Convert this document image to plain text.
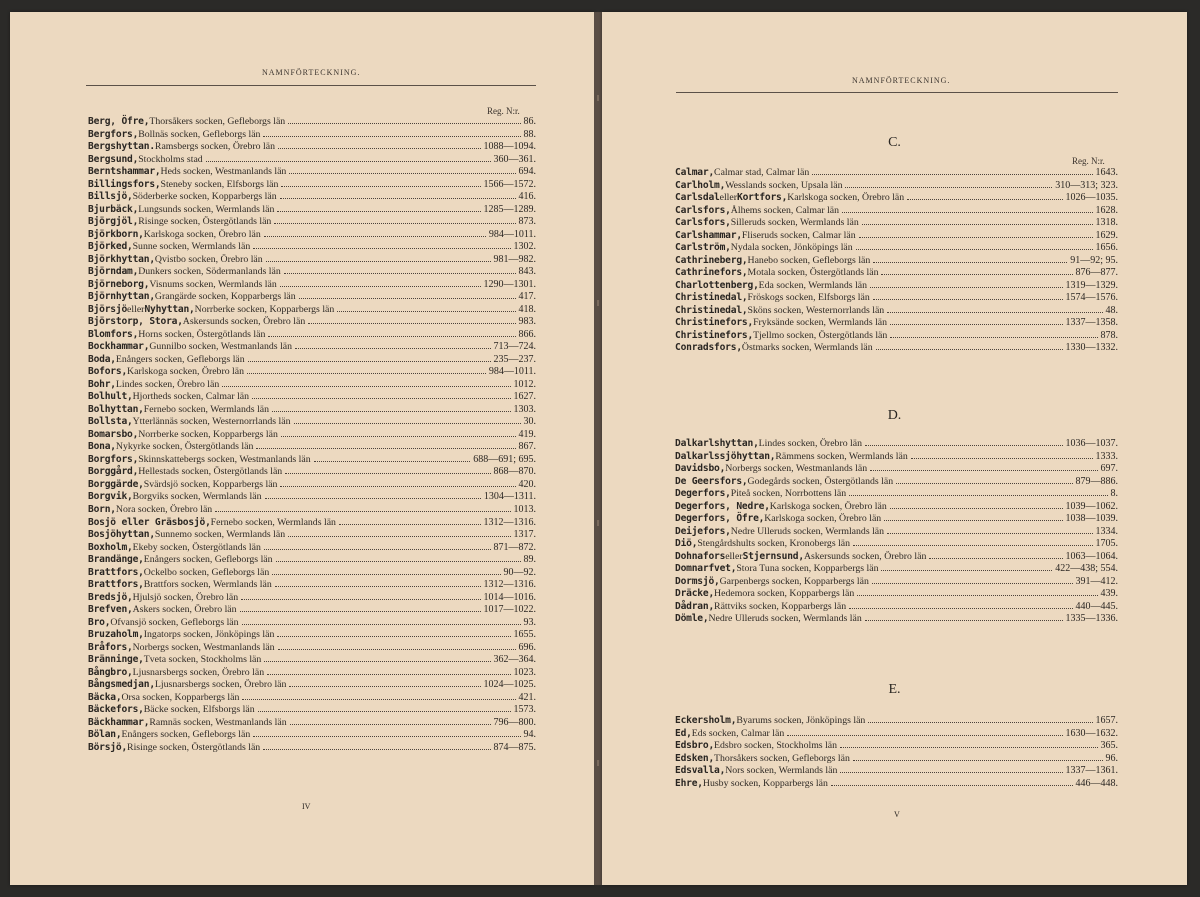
NAMNFÖRTECKNING.
Reg. N:r.
Berg, Öfre, Thorsåkers socken, Gefleborgs län	86.
Bergfors, Bollnäs socken, Gefleborgs län	88.
Bergshyttan. Ramsbergs socken, Örebro län	1088—1094.
Bergsund, Stockholms stad	360—361.
Berntshammar, Heds socken, Westmanlands län	694.
Billingsfors, Steneby socken, Elfsborgs län	1566—1572.
Billsjö, Söderberke socken, Kopparbergs län	416.
Bjurbäck, Lungsunds socken, Wermlands län	1285—1289.
Björgjöl, Risinge socken, Östergötlands län	873.
Björkborn, Karlskoga socken, Örebro län	984—1011.
Björked, Sunne socken, Wermlands län	1302.
Björkhyttan, Qvistbo socken, Örebro län	981—982.
Björndam, Dunkers socken, Södermanlands län	843.
Björneborg, Visnums socken, Wermlands län	1290—1301.
Björnhyttan, Grangärde socken, Kopparbergs län	417.
Björsjö eller Nyhyttan, Norrberke socken, Kopparbergs län	418.
Björstorp, Stora, Askersunds socken, Örebro län	983.
Blomfors, Horns socken, Östergötlands län	866.
Bockhammar, Gunnilbo socken, Westmanlands län	713—724.
Boda, Enångers socken, Gefleborgs län	235—237.
Bofors, Karlskoga socken, Örebro län	984—1011.
Bohr, Lindes socken, Örebro län	1012.
Bolhult, Hjortheds socken, Calmar län	1627.
Bolhyttan, Fernebo socken, Wermlands län	1303.
Bollsta, Ytterlännäs socken, Westernorrlands län	30.
Bomarsbo, Norrberke socken, Kopparbergs län	419.
Bona, Nykyrke socken, Östergötlands län	867.
Borgfors, Skinnskattebergs socken, Westmanlands län	688—691; 695.
Borggård, Hellestads socken, Östergötlands län	868—870.
Borggärde, Svärdsjö socken, Kopparbergs län	420.
Borgvik, Borgviks socken, Wermlands län	1304—1311.
Born, Nora socken, Örebro län	1013.
Bosjö eller Gräsbosjö, Fernebo socken, Wermlands län	1312—1316.
Bosjöhyttan, Sunnemo socken, Wermlands län	1317.
Boxholm, Ekeby socken, Östergötlands län	871—872.
Brandänge, Enångers socken, Gefleborgs län	89.
Brattfors, Ockelbo socken, Gefleborgs län	90—92.
Brattfors, Brattfors socken, Wermlands län	1312—1316.
Bredsjö, Hjulsjö socken, Örebro län	1014—1016.
Brefven, Askers socken, Örebro län	1017—1022.
Bro, Ofvansjö socken, Gefleborgs län	93.
Bruzaholm, Ingatorps socken, Jönköpings län	1655.
Bråfors, Norbergs socken, Westmanlands län	696.
Bränninge, Tveta socken, Stockholms län	362—364.
Bångbro, Ljusnarsbergs socken, Örebro län	1023.
Bångsmedjan, Ljusnarsbergs socken, Örebro län	1024—1025.
Bäcka, Orsa socken, Kopparbergs län	421.
Bäckefors, Bäcke socken, Elfsborgs län	1573.
Bäckhammar, Ramnäs socken, Westmanlands län	796—800.
Bölan, Enångers socken, Gefleborgs län	94.
Börsjö, Risinge socken, Östergötlands län	874—875.
IV
NAMNFÖRTECKNING.
C.
Reg. N:r.
Calmar, Calmar stad, Calmar län	1643.
Carlholm, Wesslands socken, Upsala län	310—313; 323.
Carlsdal eller Kortfors, Karlskoga socken, Örebro län	1026—1035.
Carlsfors, Ålhems socken, Calmar län	1628.
Carlsfors, Silleruds socken, Wermlands län	1318.
Carlshammar, Fliseruds socken, Calmar län	1629.
Carlström, Nydala socken, Jönköpings län	1656.
Cathrineberg, Hanebo socken, Gefleborgs län	91—92; 95.
Cathrinefors, Motala socken, Östergötlands län	876—877.
Charlottenberg, Eda socken, Wermlands län	1319—1329.
Christinedal, Fröskogs socken, Elfsborgs län	1574—1576.
Christinedal, Sköns socken, Westernorrlands län	48.
Christinefors, Fryksände socken, Wermlands län	1337—1358.
Christinefors, Tjellmo socken, Östergötlands län	878.
Conradsfors, Östmarks socken, Wermlands län	1330—1332.
D.
Dalkarlshyttan, Lindes socken, Örebro län	1036—1037.
Dalkarlssjöhyttan, Rämmens socken, Wermlands län	1333.
Davidsbo, Norbergs socken, Westmanlands län	697.
De Geersfors, Godegårds socken, Östergötlands län	879—886.
Degerfors, Piteå socken, Norrbottens län	8.
Degerfors, Nedre, Karlskoga socken, Örebro län	1039—1062.
Degerfors, Öfre, Karlskoga socken, Örebro län	1038—1039.
Deijefors, Nedre Ulleruds socken, Wermlands län	1334.
Diö, Stengårdshults socken, Kronobergs län	1705.
Dohnafors eller Stjernsund, Askersunds socken, Örebro län	1063—1064.
Domnarfvet, Stora Tuna socken, Kopparbergs län	422—438; 554.
Dormsjö, Garpenbergs socken, Kopparbergs län	391—412.
Dräcke, Hedemora socken, Kopparbergs län	439.
Dådran, Rättviks socken, Kopparbergs län	440—445.
Dömle, Nedre Ulleruds socken, Wermlands län	1335—1336.
E.
Eckersholm, Byarums socken, Jönköpings län	1657.
Ed, Eds socken, Calmar län	1630—1632.
Edsbro, Edsbro socken, Stockholms län	365.
Edsken, Thorsåkers socken, Gefleborgs län	96.
Edsvalla, Nors socken, Wermlands län	1337—1361.
Ehre, Husby socken, Kopparbergs län	446—448.
V
